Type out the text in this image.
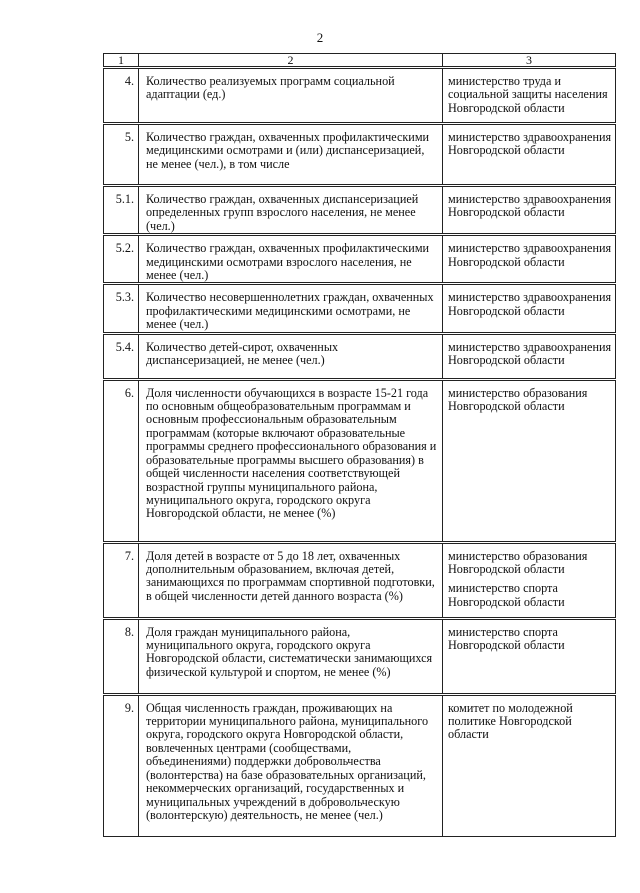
2
1	2	3
4.	Количество реализуемых программ социальной адаптации (ед.)	министерство труда и социальной защиты населения Новгородской области

5.	Количество граждан, охваченных профилактическими медицинскими осмотрами и (или) диспансеризацией, не менее (чел.), в том числе	министерство здравоохранения Новгородской области

5.1.	Количество граждан, охваченных диспансеризацией определенных групп взрослого населения, не менее (чел.)	министерство здравоохранения Новгородской области

5.2.	Количество граждан, охваченных профилактическими медицинскими осмотрами взрослого населения, не менее (чел.)	министерство здравоохранения Новгородской области

5.3.	Количество несовершеннолетних граждан, охваченных профилактическими медицинскими осмотрами, не менее (чел.)	министерство здравоохранения Новгородской области

5.4.	Количество детей-сирот, охваченных диспансеризацией, не менее (чел.)	министерство здравоохранения Новгородской области

6.	Доля численности обучающихся в возрасте 15-21 года по основным общеобразовательным программам и основным профессиональным образовательным программам (которые включают образовательные программы среднего профессионального образования и образовательные программы высшего образования) в общей численности населения соответствующей возрастной группы муниципального района, муниципального округа, городского округа Новгородской области, не менее (%)	министерство образования Новгородской области

7.	Доля детей в возрасте от 5 до 18 лет, охваченных дополнительным образованием, включая детей, занимающихся по программам спортивной подготовки, в общей численности детей данного возраста (%)	министерство образования Новгородской области
министерство спорта Новгородской области

8.	Доля граждан муниципального района, муниципального округа, городского округа Новгородской области, систематически занимающихся физической культурой и спортом, не менее (%)	министерство спорта Новгородской области

9.	Общая численность граждан, проживающих на территории муниципального района, муниципального округа, городского округа Новгородской области, вовлеченных центрами (сообществами, объединениями) поддержки добровольчества (волонтерства) на базе образовательных организаций, некоммерческих организаций, государственных и муниципальных учреждений в добровольческую (волонтерскую) деятельность, не менее (чел.)	комитет по молодежной политике Новгородской области
